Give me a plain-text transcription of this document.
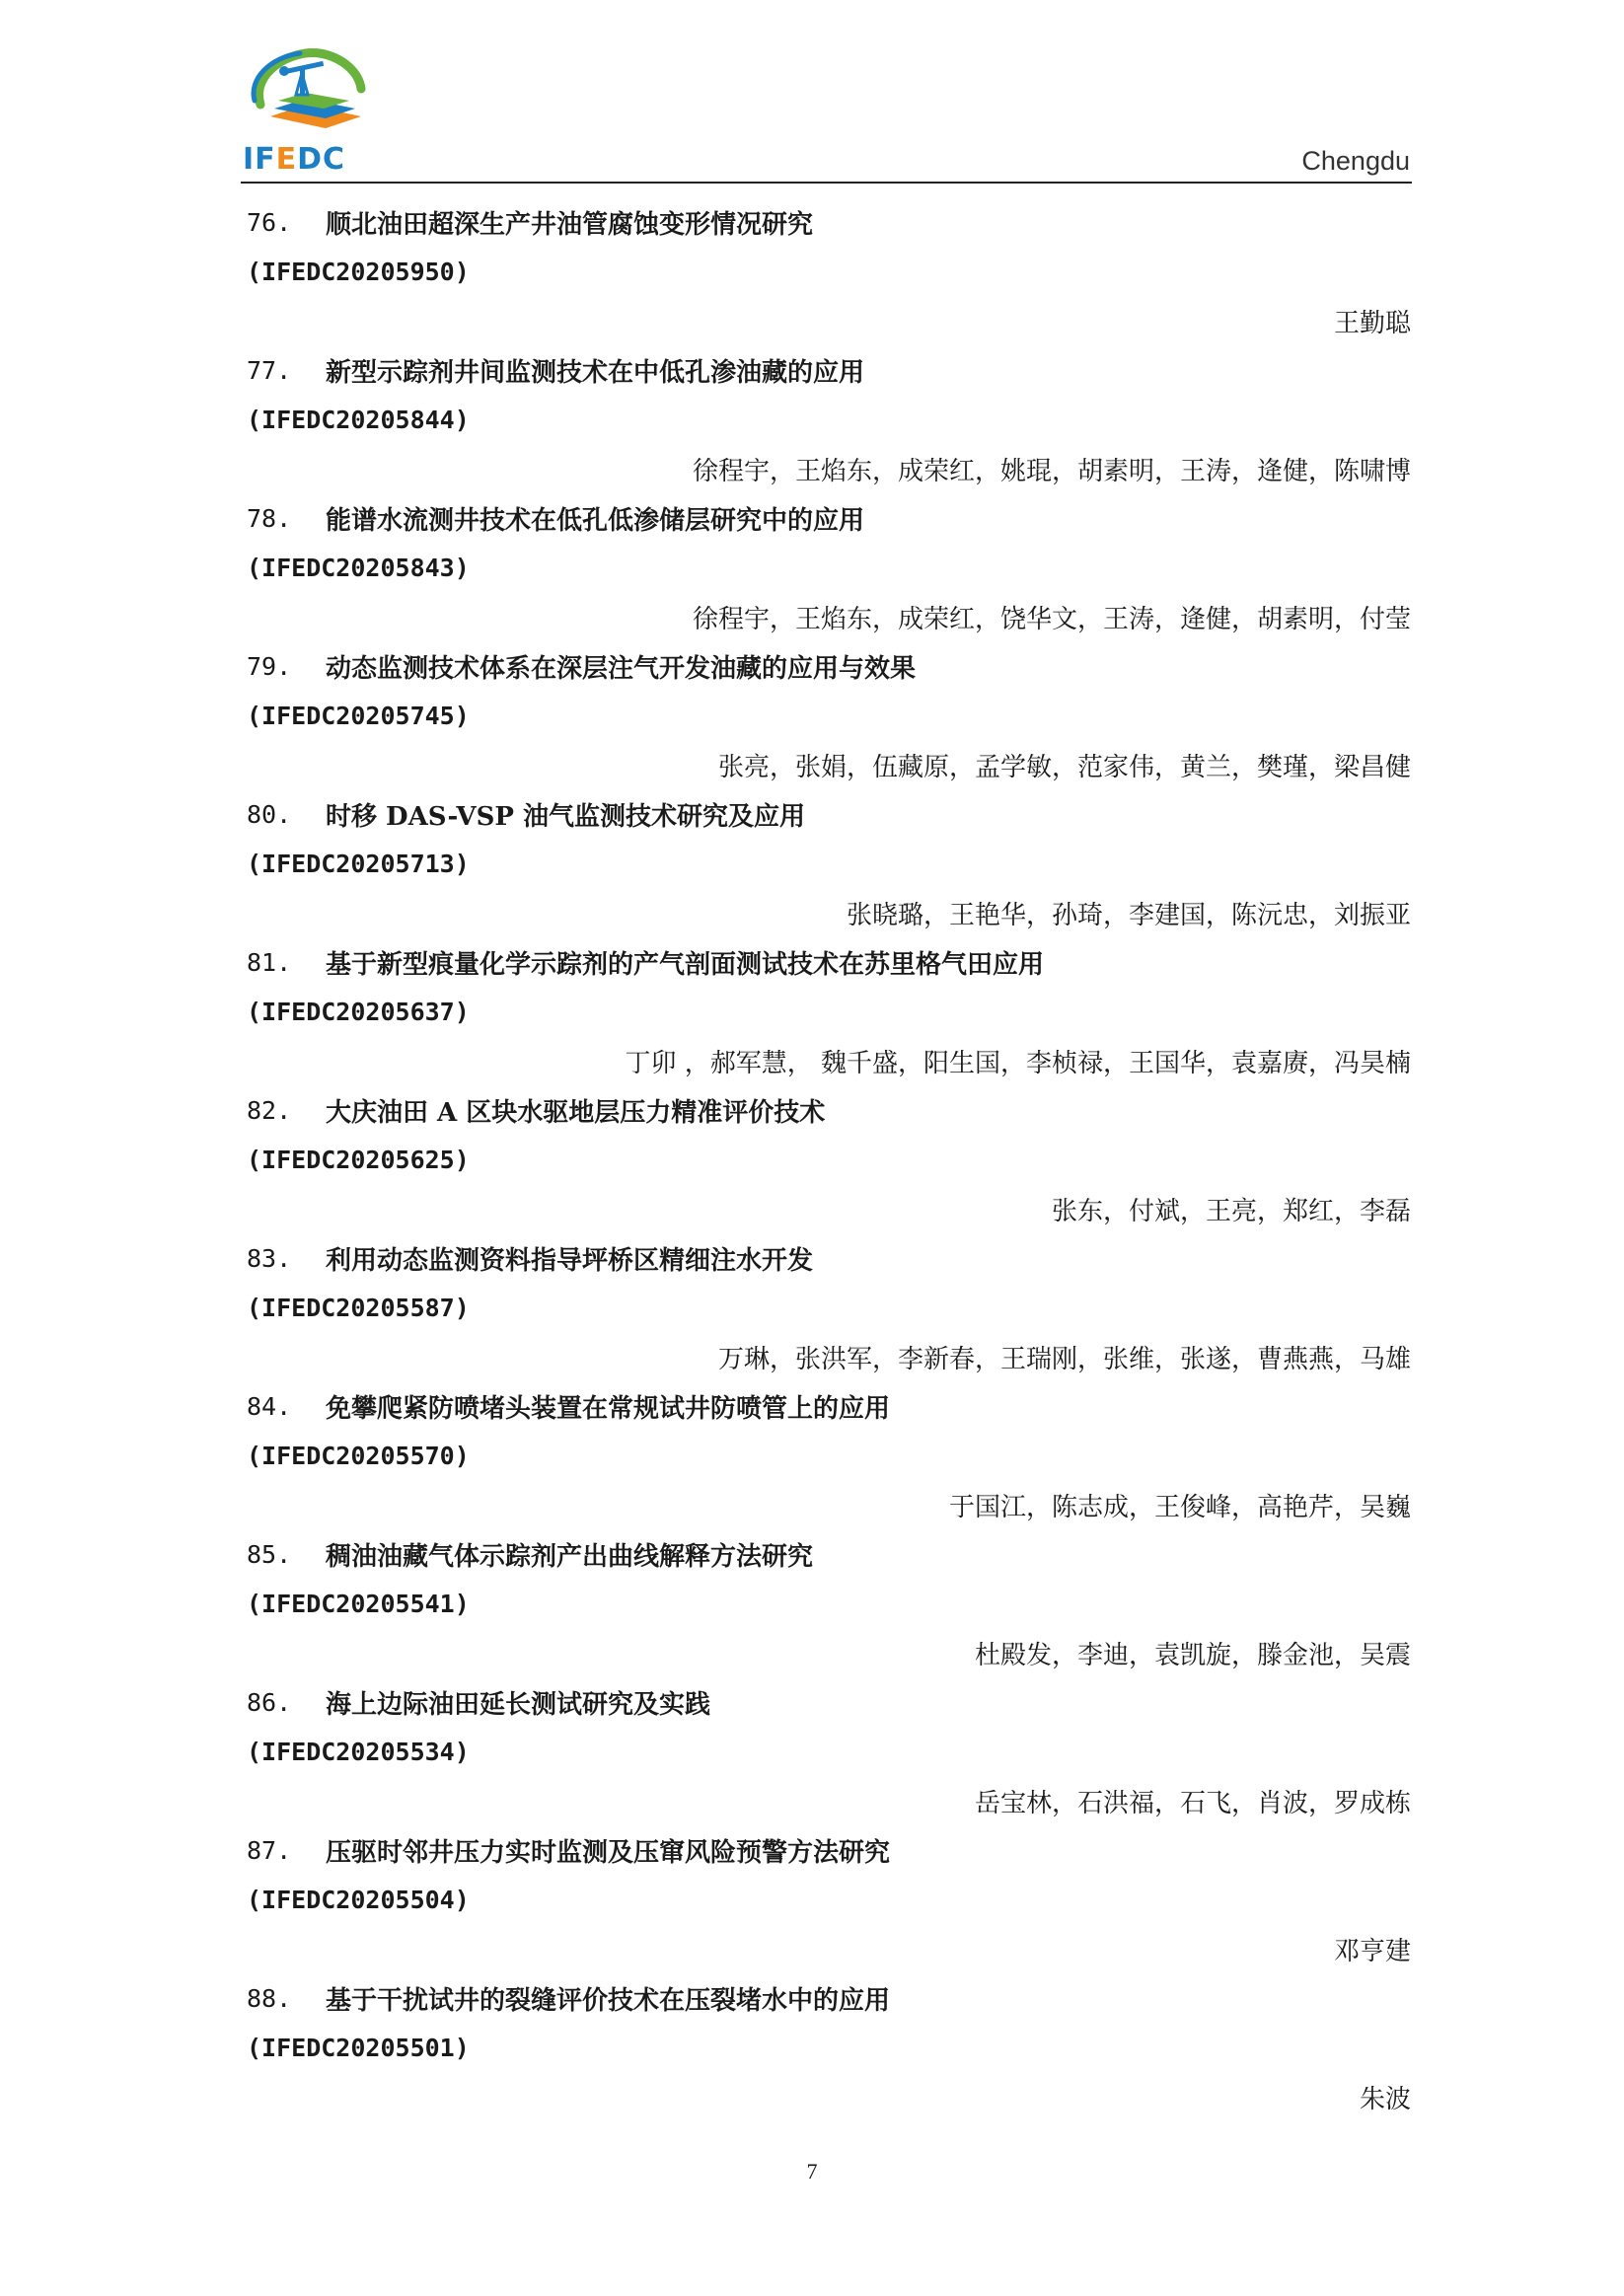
IFEDC	Chengdu
76.	顺北油田超深生产井油管腐蚀变形情况研究
(IFEDC20205950)
王勤聪
77.	新型示踪剂井间监测技术在中低孔渗油藏的应用
(IFEDC20205844)
徐程宇，王焰东，成荣红，姚琨，胡素明，王涛，逄健，陈啸博
78.	能谱水流测井技术在低孔低渗储层研究中的应用
(IFEDC20205843)
徐程宇，王焰东，成荣红，饶华文，王涛，逄健，胡素明，付莹
79.	动态监测技术体系在深层注气开发油藏的应用与效果
(IFEDC20205745)
张亮，张娟，伍藏原，孟学敏，范家伟，黄兰，樊瑾，梁昌健
80.	时移 DAS-VSP 油气监测技术研究及应用
(IFEDC20205713)
张晓璐，王艳华，孙琦，李建国，陈沅忠，刘振亚
81.	基于新型痕量化学示踪剂的产气剖面测试技术在苏里格气田应用
(IFEDC20205637)
丁卯 ，郝军慧， 魏千盛，阳生国，李桢禄，王国华，袁嘉赓，冯昊楠
82.	大庆油田 A 区块水驱地层压力精准评价技术
(IFEDC20205625)
张东，付斌，王亮，郑红，李磊
83.	利用动态监测资料指导坪桥区精细注水开发
(IFEDC20205587)
万琳，张洪军，李新春，王瑞刚，张维，张遂，曹燕燕，马雄
84.	免攀爬紧防喷堵头装置在常规试井防喷管上的应用
(IFEDC20205570)
于国江，陈志成，王俊峰，高艳芹，吴巍
85.	稠油油藏气体示踪剂产出曲线解释方法研究
(IFEDC20205541)
杜殿发，李迪，袁凯旋，滕金池，吴震
86.	海上边际油田延长测试研究及实践
(IFEDC20205534)
岳宝林，石洪福，石飞，肖波，罗成栋
87.	压驱时邻井压力实时监测及压窜风险预警方法研究
(IFEDC20205504)
邓亨建
88.	基于干扰试井的裂缝评价技术在压裂堵水中的应用
(IFEDC20205501)
朱波
7
